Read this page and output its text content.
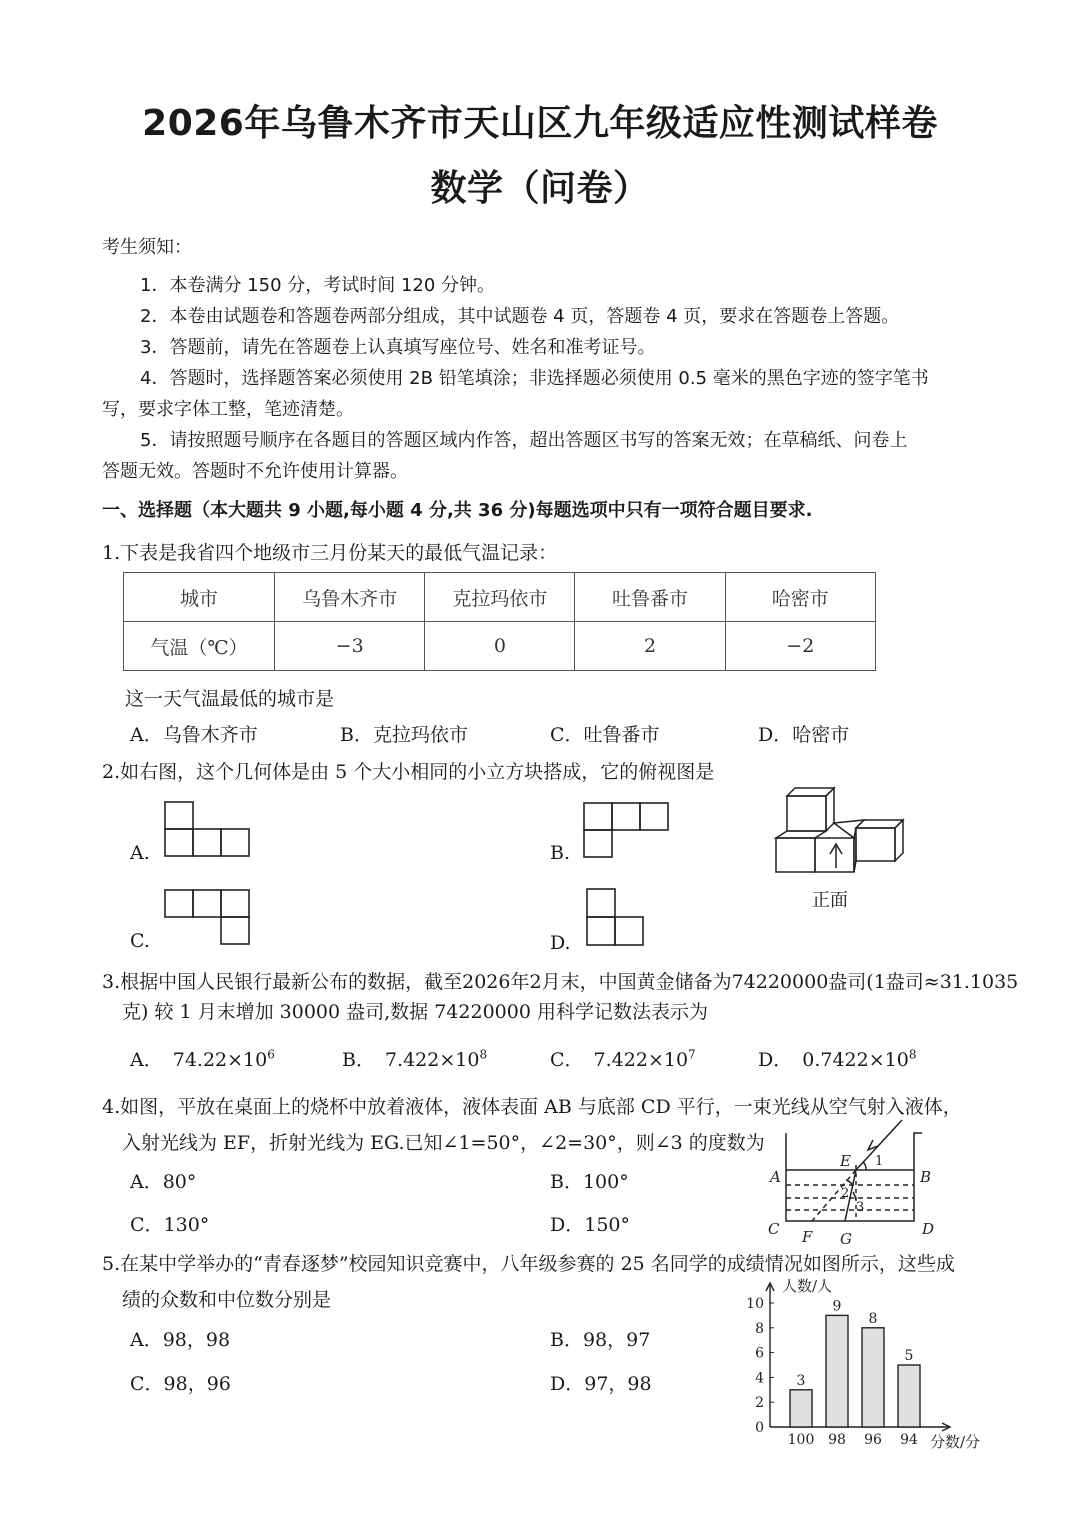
2026年乌鲁木齐市天山区九年级适应性测试样卷
数学（问卷）
考生须知：
1．本卷满分 150 分，考试时间 120 分钟。
2．本卷由试题卷和答题卷两部分组成，其中试题卷 4 页，答题卷 4 页，要求在答题卷上答题。
3．答题前，请先在答题卷上认真填写座位号、姓名和准考证号。
4．答题时，选择题答案必须使用 2B 铅笔填涂；非选择题必须使用 0.5 毫米的黑色字迹的签字笔书
写，要求字体工整，笔迹清楚。
5．请按照题号顺序在各题目的答题区域内作答，超出答题区书写的答案无效；在草稿纸、问卷上
答题无效。答题时不允许使用计算器。
一、选择题（本大题共 9 小题,每小题 4 分,共 36 分)每题选项中只有一项符合题目要求.
1.下表是我省四个地级市三月份某天的最低气温记录：
城市	乌鲁木齐市	克拉玛依市	吐鲁番市	哈密市
气温（℃）	−3	0	2	−2
这一天气温最低的城市是
A．乌鲁木齐市	B．克拉玛依市	C．吐鲁番市	D．哈密市
2.如右图，这个几何体是由 5 个大小相同的小立方块搭成，它的俯视图是
A.	B.
C.	D.
正面
3.根据中国人民银行最新公布的数据，截至2026年2月末，中国黄金储备为74220000盎司(1盎司≈31.1035
克) 较 1 月末增加 30000 盎司,数据 74220000 用科学记数法表示为
A． $74.22\times 10^6$	B． $7.422\times 10^8$	C． $7.422\times 10^7$	D． $0.7422\times 10^8$
4.如图，平放在桌面上的烧杯中放着液体，液体表面 AB 与底部 CD 平行，一束光线从空气射入液体，
入射光线为 EF，折射光线为 EG.已知∠1=50°，∠2=30°，则∠3 的度数为
A．80°	B．100°
C．130°	D．150°
A	B
C	D
E
F G
1
2
3
5.在某中学举办的“青春逐梦”校园知识竞赛中，八年级参赛的 25 名同学的成绩情况如图所示，这些成
绩的众数和中位数分别是
A．98，98	B．98，97
C．98，96	D．97，98
0
2
4
6
8
10
3
100
9
98
8
96
5
94 分数/分
人数/人
